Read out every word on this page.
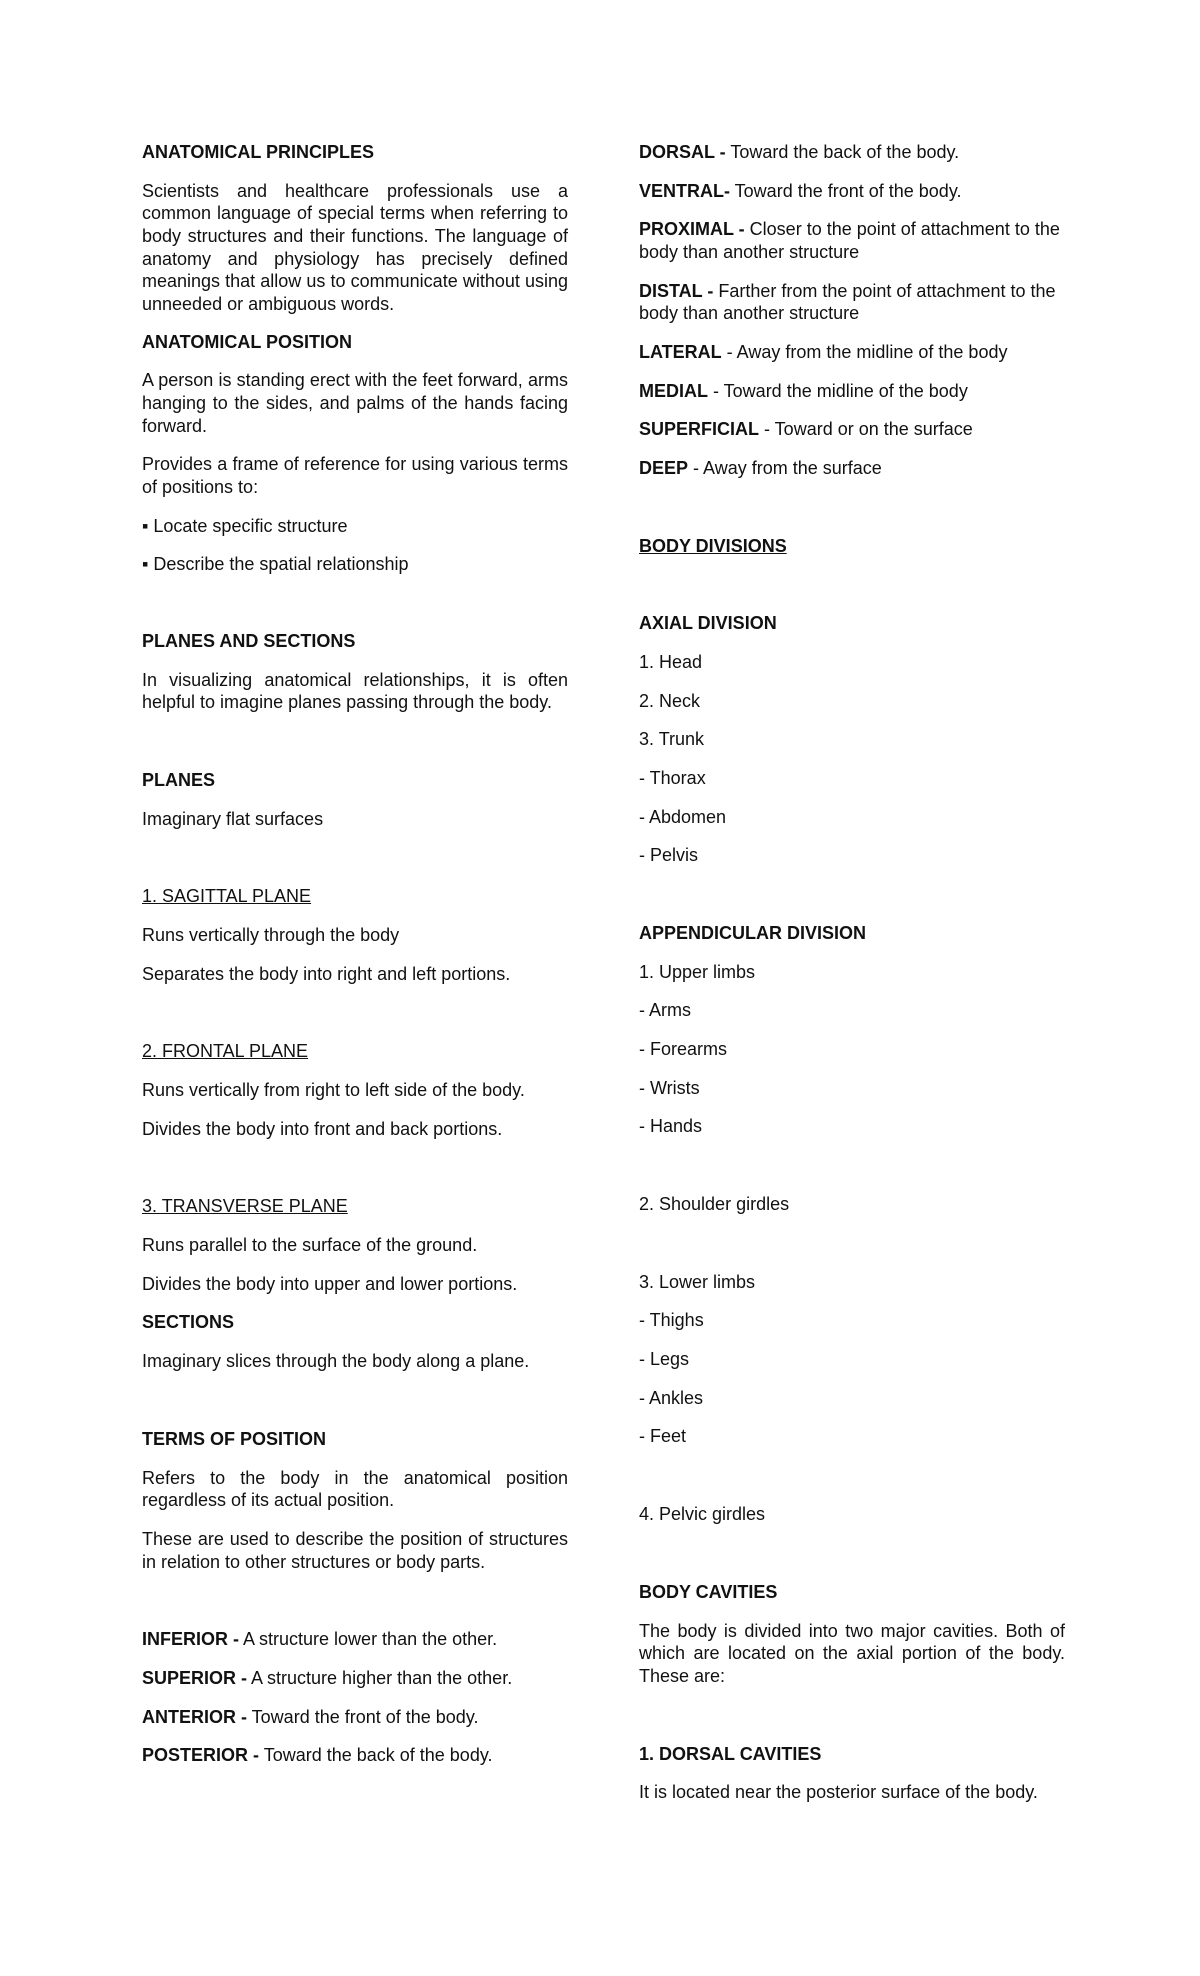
ANATOMICAL PRINCIPLES

Scientists and healthcare professionals use a common language of special terms when referring to body structures and their functions. The language of anatomy and physiology has precisely defined meanings that allow us to communicate without using unneeded or ambiguous words.

ANATOMICAL POSITION

A person is standing erect with the feet forward, arms hanging to the sides, and palms of the hands facing forward.

Provides a frame of reference for using various terms of positions to:

▪ Locate specific structure

▪ Describe the spatial relationship

PLANES AND SECTIONS

In visualizing anatomical relationships, it is often helpful to imagine planes passing through the body.

PLANES

Imaginary flat surfaces

1. SAGITTAL PLANE

Runs vertically through the body

Separates the body into right and left portions.

2. FRONTAL PLANE

Runs vertically from right to left side of the body.

Divides the body into front and back portions.

3. TRANSVERSE PLANE

Runs parallel to the surface of the ground.

Divides the body into upper and lower portions.

SECTIONS

Imaginary slices through the body along a plane.

TERMS OF POSITION

Refers to the body in the anatomical position regardless of its actual position.

These are used to describe the position of structures in relation to other structures or body parts.

INFERIOR - A structure lower than the other.

SUPERIOR - A structure higher than the other.

ANTERIOR - Toward the front of the body.

POSTERIOR - Toward the back of the body.

DORSAL - Toward the back of the body.

VENTRAL- Toward the front of the body.

PROXIMAL - Closer to the point of attachment to the body than another structure

DISTAL - Farther from the point of attachment to the body than another structure

LATERAL - Away from the midline of the body

MEDIAL - Toward the midline of the body

SUPERFICIAL - Toward or on the surface

DEEP - Away from the surface

BODY DIVISIONS

AXIAL DIVISION

1. Head

2. Neck

3. Trunk

- Thorax

- Abdomen

- Pelvis

APPENDICULAR DIVISION

1. Upper limbs

- Arms

- Forearms

- Wrists

- Hands

2. Shoulder girdles

3. Lower limbs

- Thighs

- Legs

- Ankles

- Feet

4. Pelvic girdles

BODY CAVITIES

The body is divided into two major cavities. Both of which are located on the axial portion of the body. These are:

1. DORSAL CAVITIES

It is located near the posterior surface of the body.
